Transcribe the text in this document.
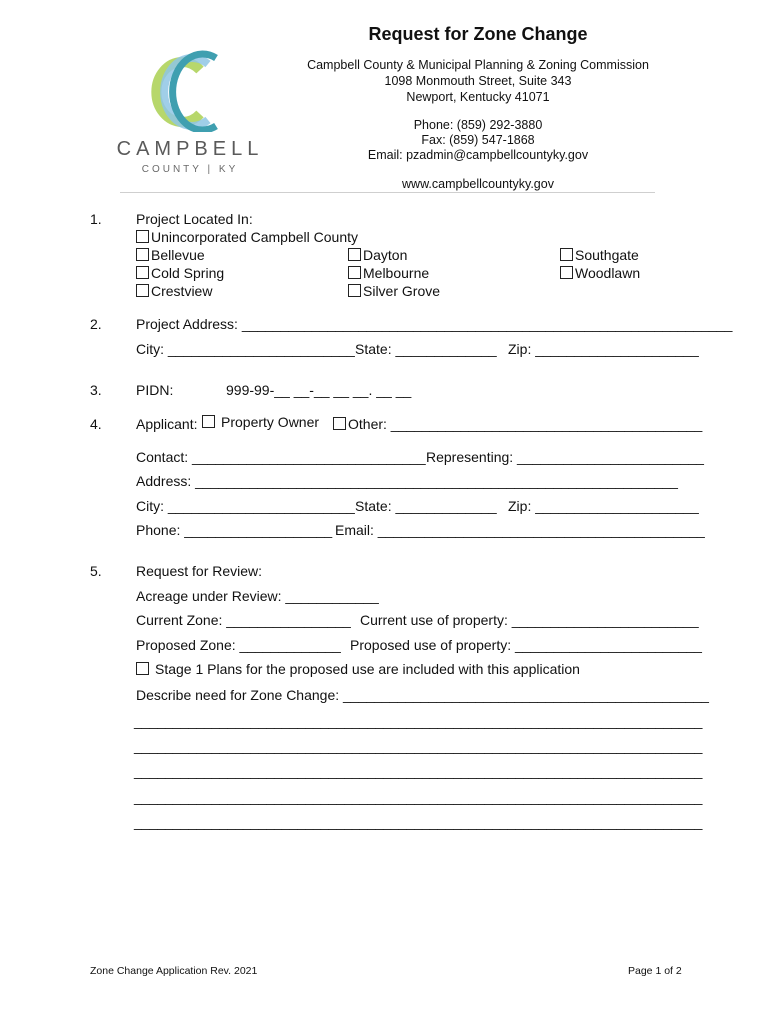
CAMPBELL
COUNTY | KY
Request for Zone Change
Campbell County & Municipal Planning & Zoning Commission
1098 Monmouth Street, Suite 343
Newport, Kentucky 41071
Phone: (859) 292-3880
Fax: (859) 547-1868
Email: pzadmin@campbellcountyky.gov
www.campbellcountyky.gov
1. Project Located In:
Unincorporated Campbell County
Bellevue
Cold Spring
Crestview
Dayton
Melbourne
Silver Grove
Southgate
Woodlawn
2. Project Address: _______________________________________________________________
City: ________________________ State: _____________ Zip: _____________________
3. PIDN:	999-99-__ __-__ __ __. __ __
4. Applicant:	Property Owner	Other: ________________________________________
Contact: ______________________________ Representing: ________________________
Address: ______________________________________________________________
City: ________________________ State: _____________ Zip: _____________________
Phone: ___________________ Email: __________________________________________
5. Request for Review:
Acreage under Review: ____________
Current Zone: ________________ Current use of property: ________________________
Proposed Zone: _____________ Proposed use of property: ________________________
Stage 1 Plans for the proposed use are included with this application
Describe need for Zone Change: _______________________________________________
_________________________________________________________________________
_________________________________________________________________________
_________________________________________________________________________
_________________________________________________________________________
_________________________________________________________________________
Zone Change Application Rev. 2021	Page 1 of 2
